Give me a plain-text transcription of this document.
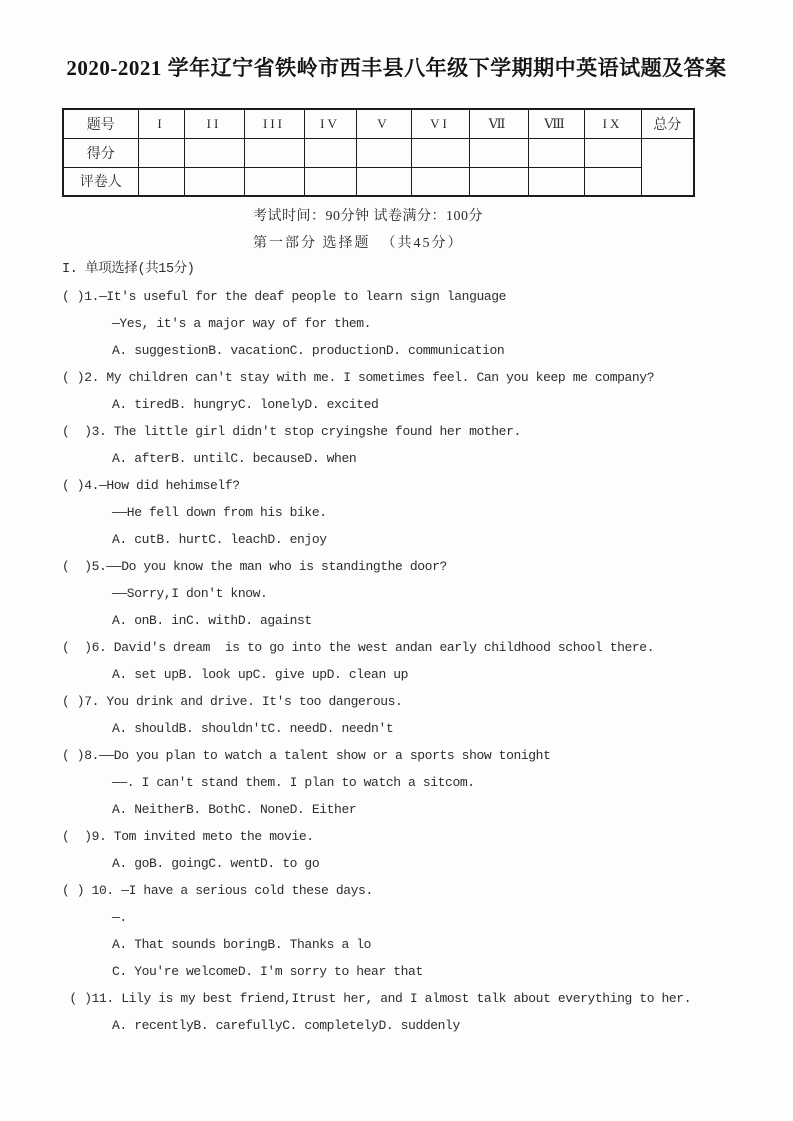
2020-2021 学年辽宁省铁岭市西丰县八年级下学期期中英语试题及答案
题号	I	II	III	IV	V	VI	Ⅶ	Ⅷ	IX	总分
得分										
评卷人										
考试时间：90分钟 试卷满分：100分
第一部分 选择题  （共45分）
I. 单项选择(共15分)
( )1.—It's useful for the deaf people to learn sign language
—Yes, it's a major way of for them.
A. suggestionB. vacationC. productionD. communication
( )2. My children can't stay with me. I sometimes feel. Can you keep me company?
A. tiredB. hungryC. lonelyD. excited
(  )3. The little girl didn't stop cryingshe found her mother.
A. afterB. untilC. becauseD. when
( )4.—How did hehimself?
——He fell down from his bike.
A. cutB. hurtC. leachD. enjoy
(  )5.——Do you know the man who is standingthe door?
——Sorry,I don't know.
A. onB. inC. withD. against
(  )6. David's dream  is to go into the west andan early childhood school there.
A. set upB. look upC. give upD. clean up
( )7. You drink and drive. It's too dangerous.
A. shouldB. shouldn'tC. needD. needn't
( )8.——Do you plan to watch a talent show or a sports show tonight
——. I can't stand them. I plan to watch a sitcom.
A. NeitherB. BothC. NoneD. Either
(  )9. Tom invited meto the movie.
A. goB. goingC. wentD. to go
( ) 10. —I have a serious cold these days.
—.
A. That sounds boringB. Thanks a lo
C. You're welcomeD. I'm sorry to hear that
( )11. Lily is my best friend,Itrust her, and I almost talk about everything to her.
A. recentlyB. carefullyC. completelyD. suddenly
